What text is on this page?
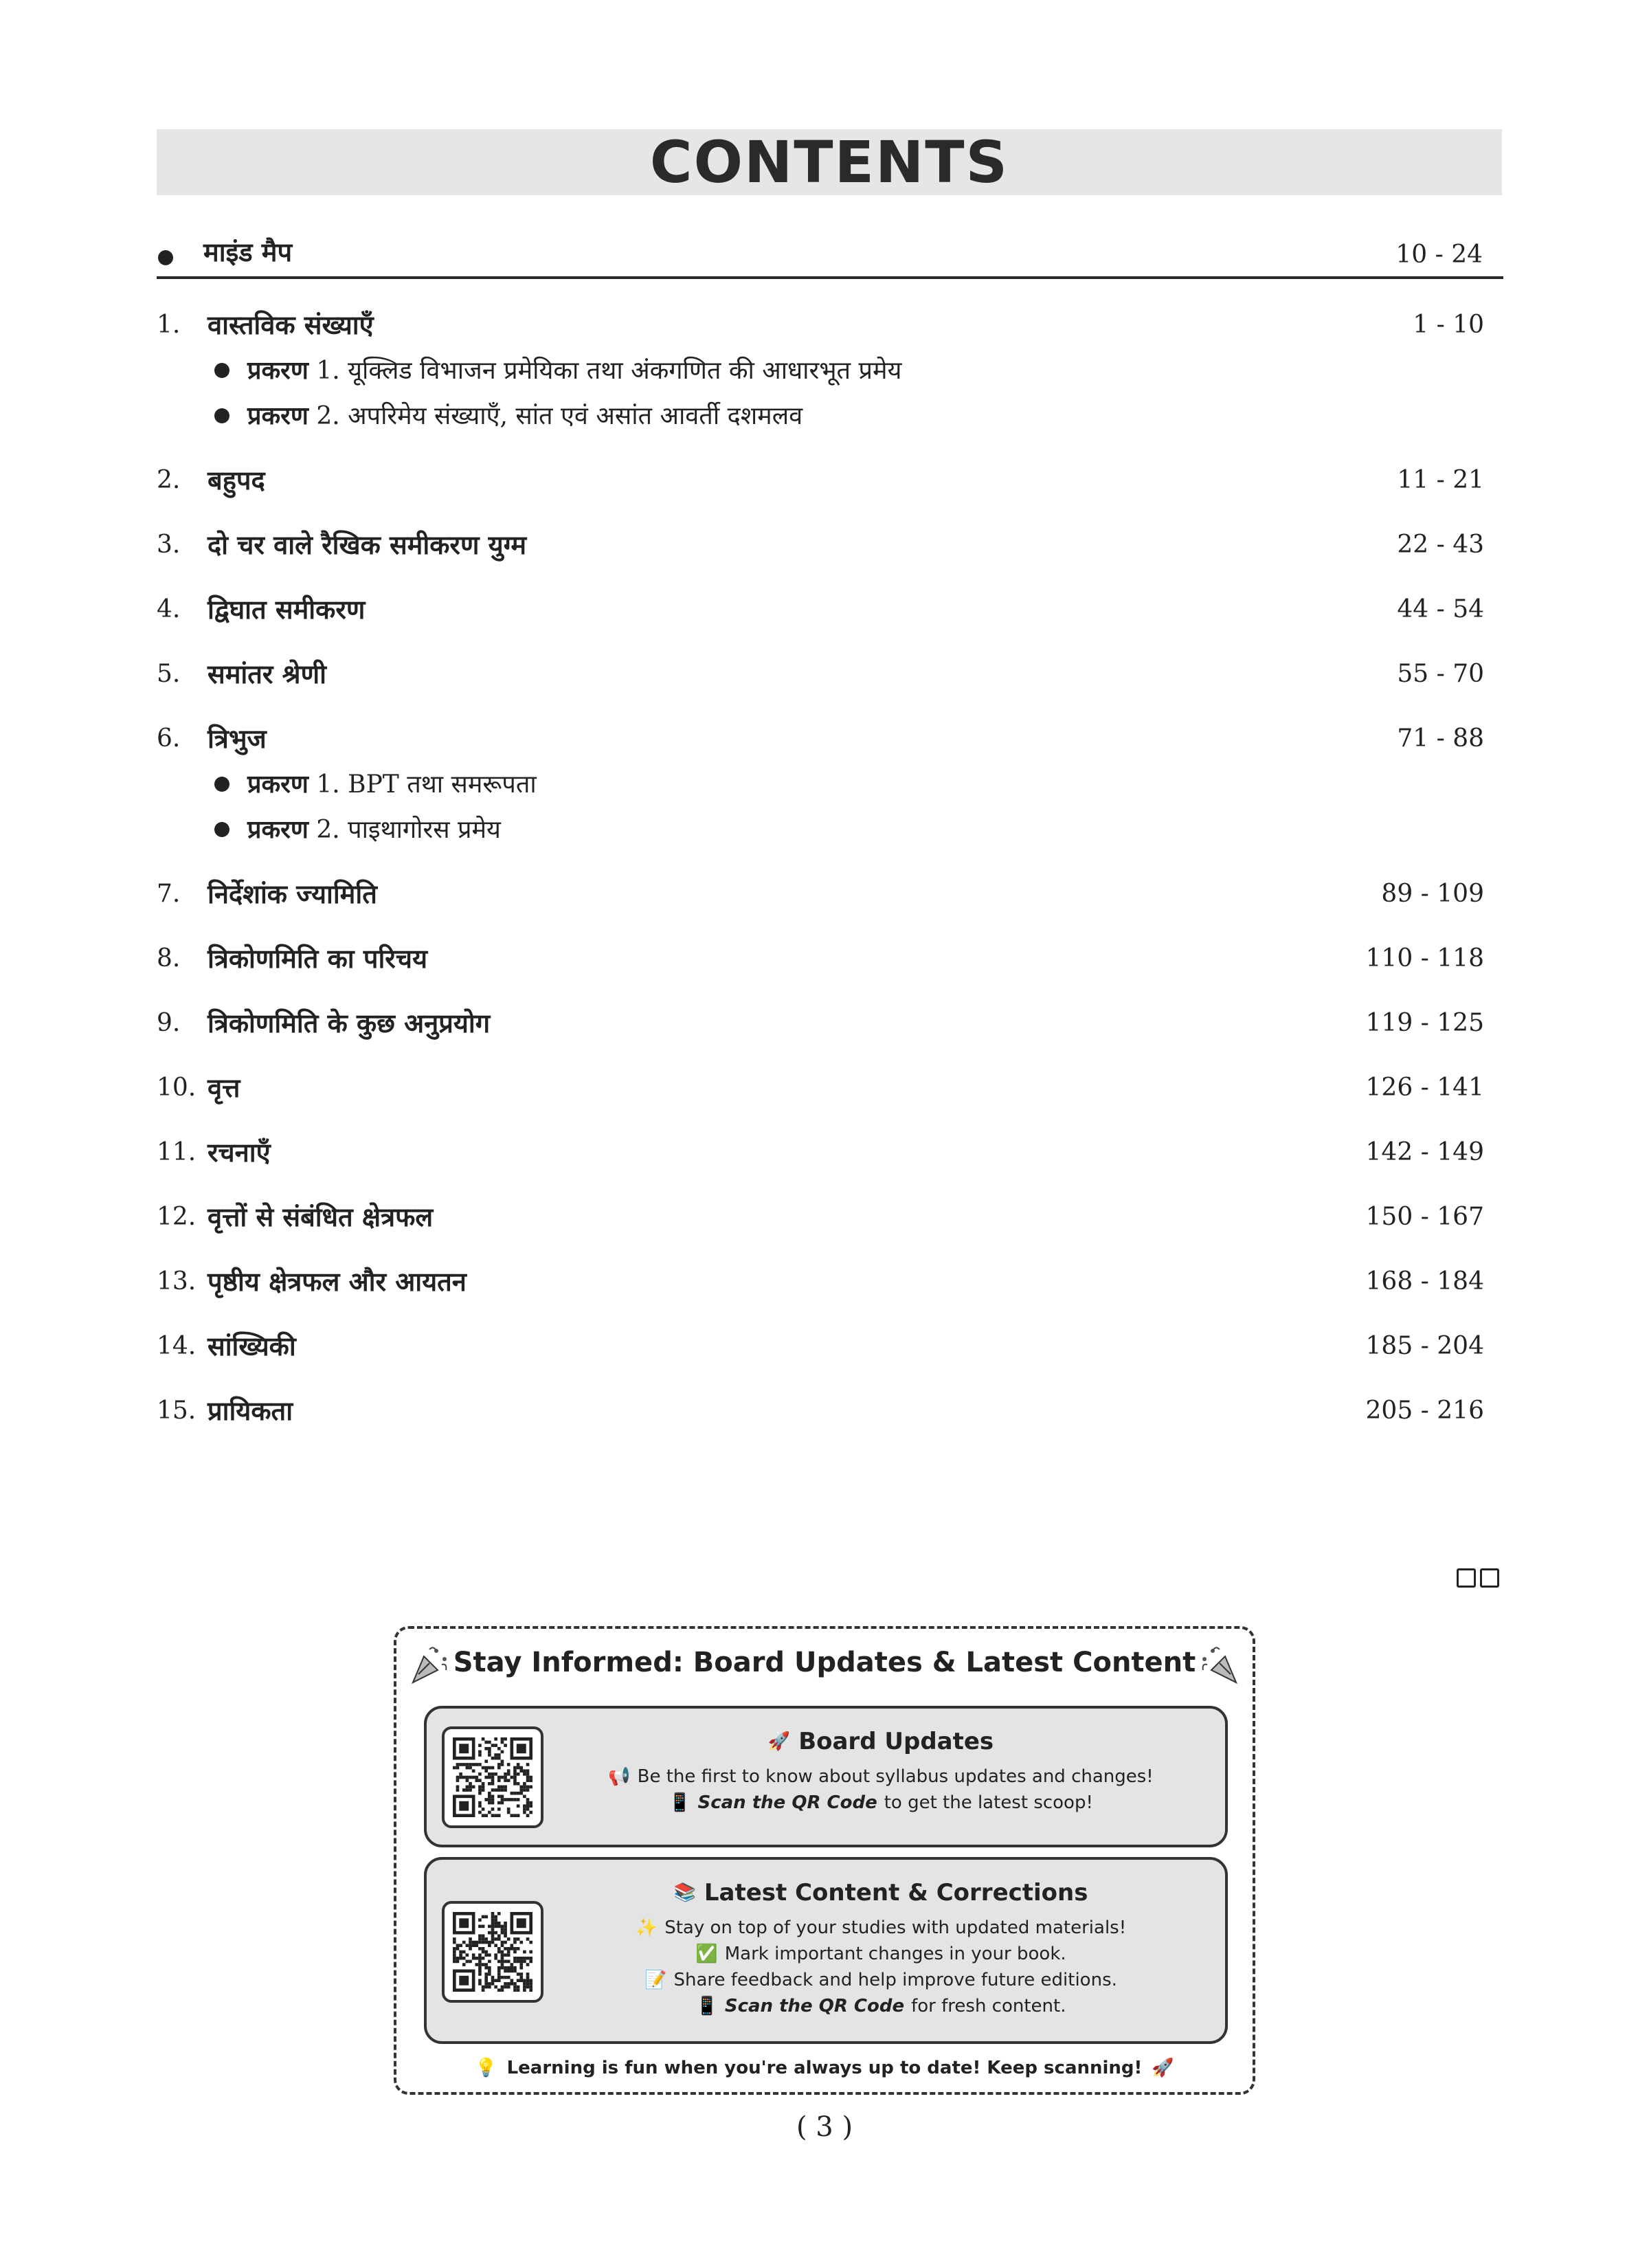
CONTENTS
माइंड मैप	10 - 24
1.	वास्तविक संख्याएँ	1 - 10
प्रकरण 1. यूक्लिड विभाजन प्रमेयिका तथा अंकगणित की आधारभूत प्रमेय
प्रकरण 2. अपरिमेय संख्याएँ, सांत एवं असांत आवर्ती दशमलव
2.	बहुपद	11 - 21
3.	दो चर वाले रैखिक समीकरण युग्म	22 - 43
4.	द्विघात समीकरण	44 - 54
5.	समांतर श्रेणी	55 - 70
6.	त्रिभुज	71 - 88
प्रकरण 1. BPT तथा समरूपता
प्रकरण 2. पाइथागोरस प्रमेय
7.	निर्देशांक ज्यामिति	89 - 109
8.	त्रिकोणमिति का परिचय	110 - 118
9.	त्रिकोणमिति के कुछ अनुप्रयोग	119 - 125
10. वृत्त	126 - 141
11. रचनाएँ	142 - 149
12. वृत्तों से संबंधित क्षेत्रफल	150 - 167
13. पृष्ठीय क्षेत्रफल और आयतन	168 - 184
14. सांख्यिकी	185 - 204
15. प्रायिकता	205 - 216
Stay Informed: Board Updates & Latest Content
🚀 Board Updates
📢 Be the first to know about syllabus updates and changes!
📱 Scan the QR Code to get the latest scoop!
📚 Latest Content & Corrections
✨ Stay on top of your studies with updated materials!
✅ Mark important changes in your book.
📝 Share feedback and help improve future editions.
📱 Scan the QR Code for fresh content.
💡 Learning is fun when you're always up to date! Keep scanning! 🚀
( 3 )
